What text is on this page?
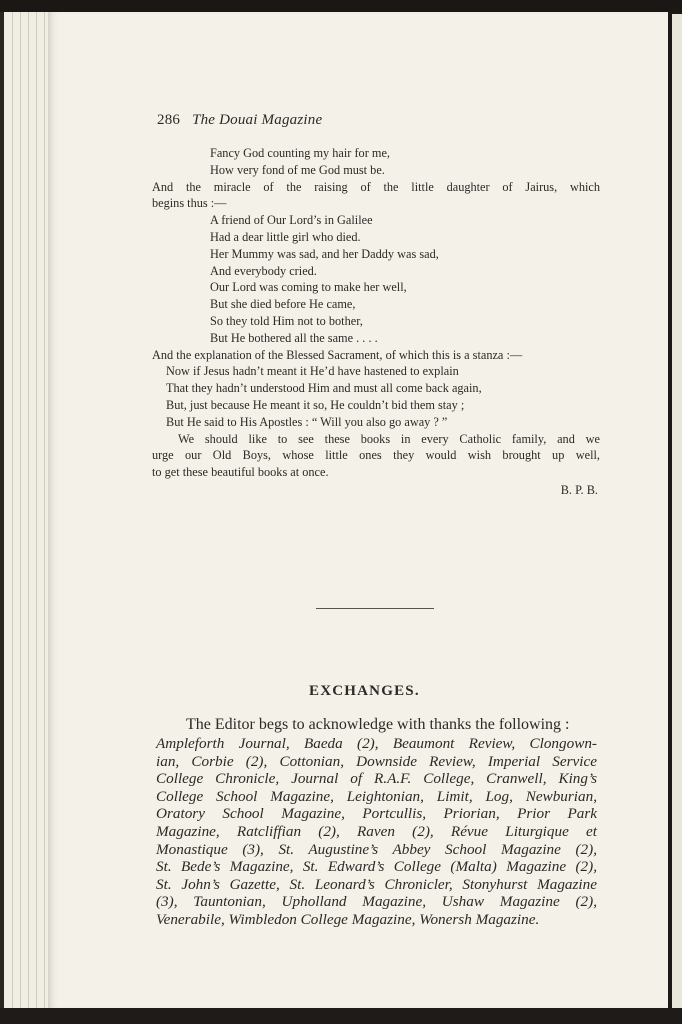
286 The Douai Magazine
Fancy God counting my hair for me,
How very fond of me God must be.
And the miracle of the raising of the little daughter of Jairus, which
begins thus :—
A friend of Our Lord’s in Galilee
Had a dear little girl who died.
Her Mummy was sad, and her Daddy was sad,
And everybody cried.
Our Lord was coming to make her well,
But she died before He came,
So they told Him not to bother,
But He bothered all the same . . . .
And the explanation of the Blessed Sacrament, of which this is a stanza :—
Now if Jesus hadn’t meant it He’d have hastened to explain
That they hadn’t understood Him and must all come back again,
But, just because He meant it so, He couldn’t bid them stay ;
But He said to His Apostles : “ Will you also go away ? ”
We should like to see these books in every Catholic family, and we
urge our Old Boys, whose little ones they would wish brought up well,
to get these beautiful books at once.
B. P. B.
EXCHANGES.
The Editor begs to acknowledge with thanks the following :
Ampleforth Journal, Baeda (2), Beaumont Review, Clongown-
ian, Corbie (2), Cottonian, Downside Review, Imperial Service
College Chronicle, Journal of R.A.F. College, Cranwell, King’s
College School Magazine, Leightonian, Limit, Log, Newburian,
Oratory School Magazine, Portcullis, Priorian, Prior Park
Magazine, Ratcliffian (2), Raven (2), Révue Liturgique et
Monastique (3), St. Augustine’s Abbey School Magazine (2),
St. Bede’s Magazine, St. Edward’s College (Malta) Magazine (2),
St. John’s Gazette, St. Leonard’s Chronicler, Stonyhurst Magazine
(3), Tauntonian, Upholland Magazine, Ushaw Magazine (2),
Venerabile, Wimbledon College Magazine, Wonersh Magazine.
